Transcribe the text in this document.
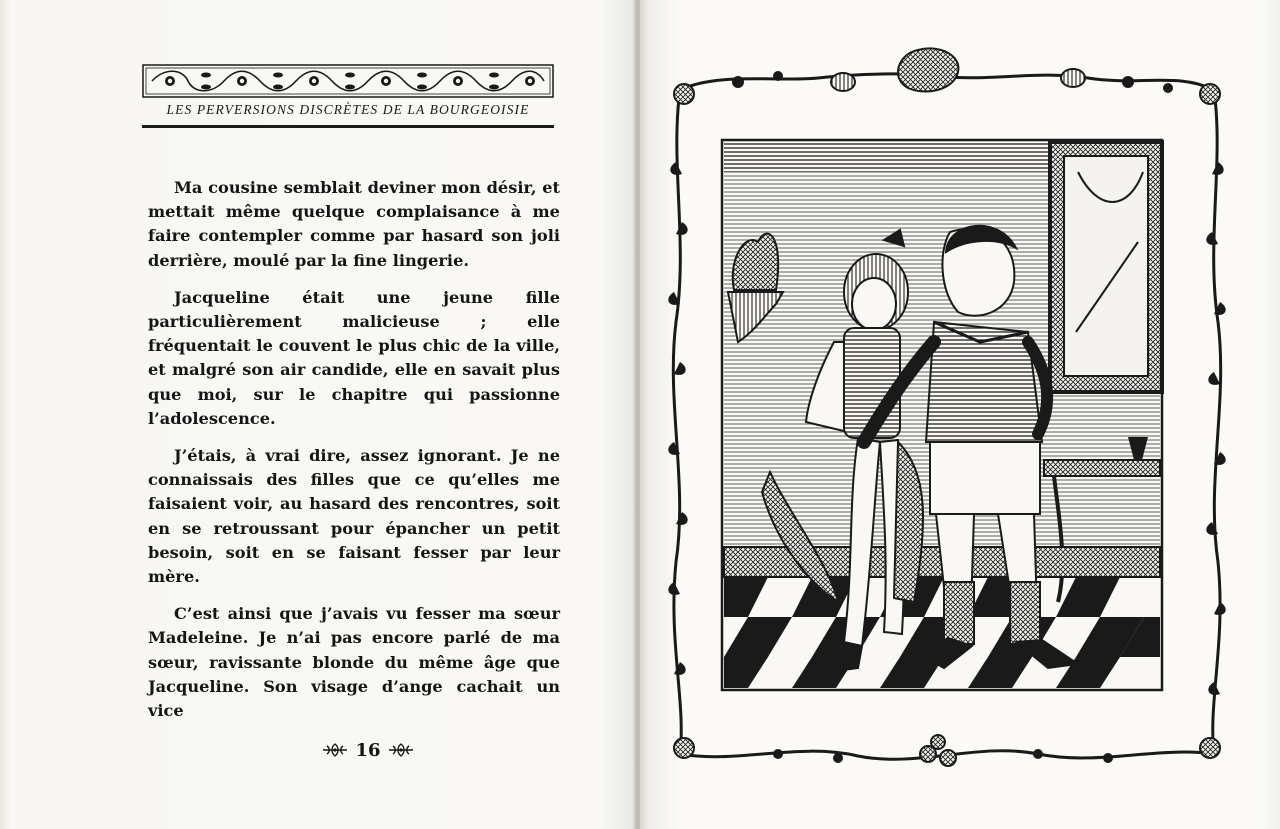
LES PERVERSIONS DISCRÈTES DE LA BOURGEOISIE

Ma cousine semblait deviner mon désir, et mettait même quelque complaisance à me faire contempler comme par hasard son joli derrière, moulé par la fine lingerie.

Jacqueline était une jeune fille particulièrement malicieuse ; elle fréquentait le couvent le plus chic de la ville, et malgré son air candide, elle en savait plus que moi, sur le chapitre qui passionne l’adolescence.

J’étais, à vrai dire, assez ignorant. Je ne connaissais des filles que ce qu’elles me faisaient voir, au hasard des rencontres, soit en se retroussant pour épancher un petit besoin, soit en se faisant fesser par leur mère.

C’est ainsi que j’avais vu fesser ma sœur Madeleine. Je n’ai pas encore parlé de ma sœur, ravissante blonde du même âge que Jacqueline. Son visage d’ange cachait un vice

16
